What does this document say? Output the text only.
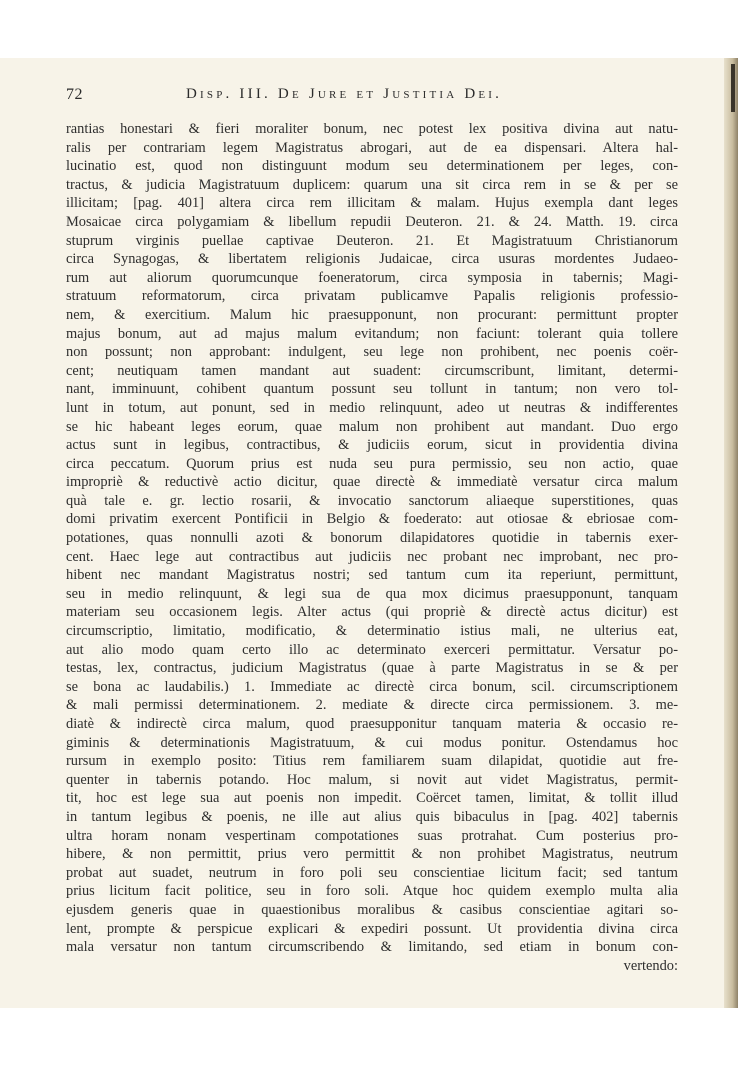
72	Disp. III. De Jure et Justitia Dei.
rantias honestari & fieri moraliter bonum, nec potest lex positiva divina aut natu-
ralis per contrariam legem Magistratus abrogari, aut de ea dispensari. Altera hal-
lucinatio est, quod non distinguunt modum seu determinationem per leges, con-
tractus, & judicia Magistratuum duplicem: quarum una sit circa rem in se & per se
illicitam; [pag. 401] altera circa rem illicitam & malam. Hujus exempla dant leges
Mosaicae circa polygamiam & libellum repudii Deuteron. 21. & 24. Matth. 19. circa
stuprum virginis puellae captivae Deuteron. 21. Et Magistratuum Christianorum
circa Synagogas, & libertatem religionis Judaicae, circa usuras mordentes Judaeo-
rum aut aliorum quorumcunque foeneratorum, circa symposia in tabernis; Magi-
stratuum reformatorum, circa privatam publicamve Papalis religionis professio-
nem, & exercitium. Malum hic praesupponunt, non procurant: permittunt propter
majus bonum, aut ad majus malum evitandum; non faciunt: tolerant quia tollere
non possunt; non approbant: indulgent, seu lege non prohibent, nec poenis coër-
cent; neutiquam tamen mandant aut suadent: circumscribunt, limitant, determi-
nant, imminuunt, cohibent quantum possunt seu tollunt in tantum; non vero tol-
lunt in totum, aut ponunt, sed in medio relinquunt, adeo ut neutras & indifferentes
se hic habeant leges eorum, quae malum non prohibent aut mandant. Duo ergo
actus sunt in legibus, contractibus, & judiciis eorum, sicut in providentia divina
circa peccatum. Quorum prius est nuda seu pura permissio, seu non actio, quae
impropriè & reductivè actio dicitur, quae directè & immediatè versatur circa malum
quà tale e. gr. lectio rosarii, & invocatio sanctorum aliaeque superstitiones, quas
domi privatim exercent Pontificii in Belgio & foederato: aut otiosae & ebriosae com-
potationes, quas nonnulli azoti & bonorum dilapidatores quotidie in tabernis exer-
cent. Haec lege aut contractibus aut judiciis nec probant nec improbant, nec pro-
hibent nec mandant Magistratus nostri; sed tantum cum ita reperiunt, permittunt,
seu in medio relinquunt, & legi sua de qua mox dicimus praesupponunt, tanquam
materiam seu occasionem legis. Alter actus (qui propriè & directè actus dicitur) est
circumscriptio, limitatio, modificatio, & determinatio istius mali, ne ulterius eat,
aut alio modo quam certo illo ac determinato exerceri permittatur. Versatur po-
testas, lex, contractus, judicium Magistratus (quae à parte Magistratus in se & per
se bona ac laudabilis.) 1. Immediate ac directè circa bonum, scil. circumscriptionem
& mali permissi determinationem. 2. mediate & directe circa permissionem. 3. me-
diatè & indirectè circa malum, quod praesupponitur tanquam materia & occasio re-
giminis & determinationis Magistratuum, & cui modus ponitur. Ostendamus hoc
rursum in exemplo posito: Titius rem familiarem suam dilapidat, quotidie aut fre-
quenter in tabernis potando. Hoc malum, si novit aut videt Magistratus, permit-
tit, hoc est lege sua aut poenis non impedit. Coërcet tamen, limitat, & tollit illud
in tantum legibus & poenis, ne ille aut alius quis bibaculus in [pag. 402] tabernis
ultra horam nonam vespertinam compotationes suas protrahat. Cum posterius pro-
hibere, & non permittit, prius vero permittit & non prohibet Magistratus, neutrum
probat aut suadet, neutrum in foro poli seu conscientiae licitum facit; sed tantum
prius licitum facit politice, seu in foro soli. Atque hoc quidem exemplo multa alia
ejusdem generis quae in quaestionibus moralibus & casibus conscientiae agitari so-
lent, prompte & perspicue explicari & expediri possunt. Ut providentia divina circa
mala versatur non tantum circumscribendo & limitando, sed etiam in bonum con-
vertendo:
